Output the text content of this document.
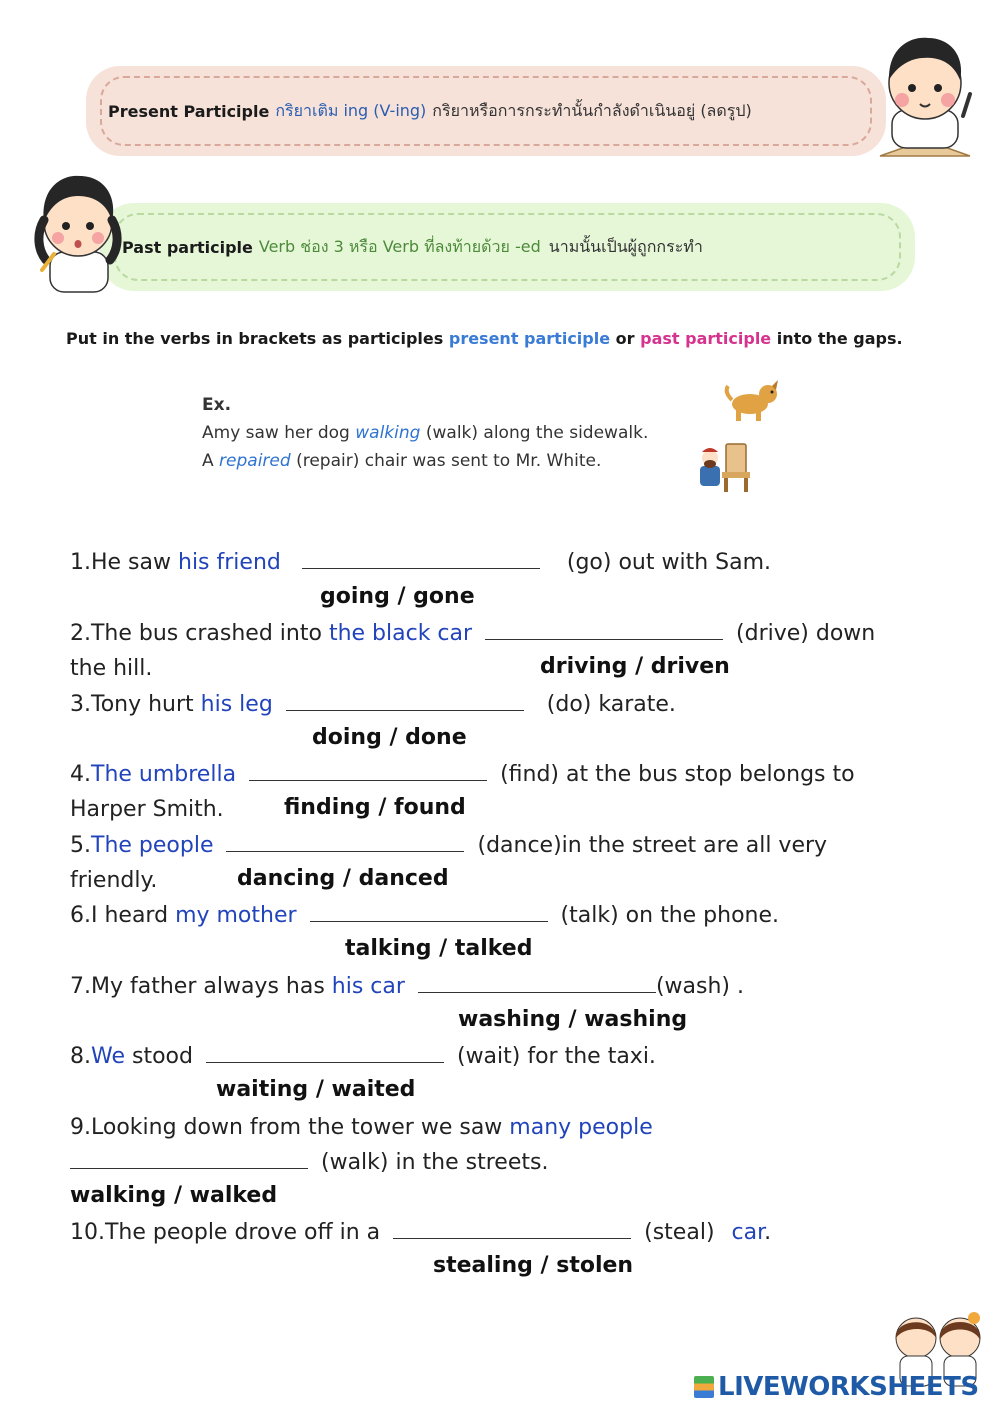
Present Participle กริยาเติม ing (V-ing) กริยาหรือการกระทำนั้นกำลังดำเนินอยู่ (ลดรูป)
Past participle Verb ช่อง 3 หรือ Verb ที่ลงท้ายด้วย -ed นามนั้นเป็นผู้ถูกกระทำ
Put in the verbs in brackets as participles present participle or past participle into the gaps.
Ex.
Amy saw her dog walking (walk) along the sidewalk.
A repaired (repair) chair was sent to Mr. White.
1.He saw his friend	(go) out with Sam.
going / gone
2.The bus crashed into the black car	(drive) down
the hill.	driving / driven
3.Tony hurt his leg	(do) karate.
doing / done
4.The umbrella	(find) at the bus stop belongs to
Harper Smith.	finding / found
5.The people	(dance)in the street are all very
friendly.	dancing / danced
6.I heard my mother	(talk) on the phone.
talking / talked
7.My father always has his car	(wash) .
washing / washing
8.We stood	(wait) for the taxi.
waiting / waited
9.Looking down from the tower we saw many people
(walk) in the streets.
walking / walked
10.The people drove off in a	(steal) car.
stealing / stolen
LIVEWORKSHEETS
